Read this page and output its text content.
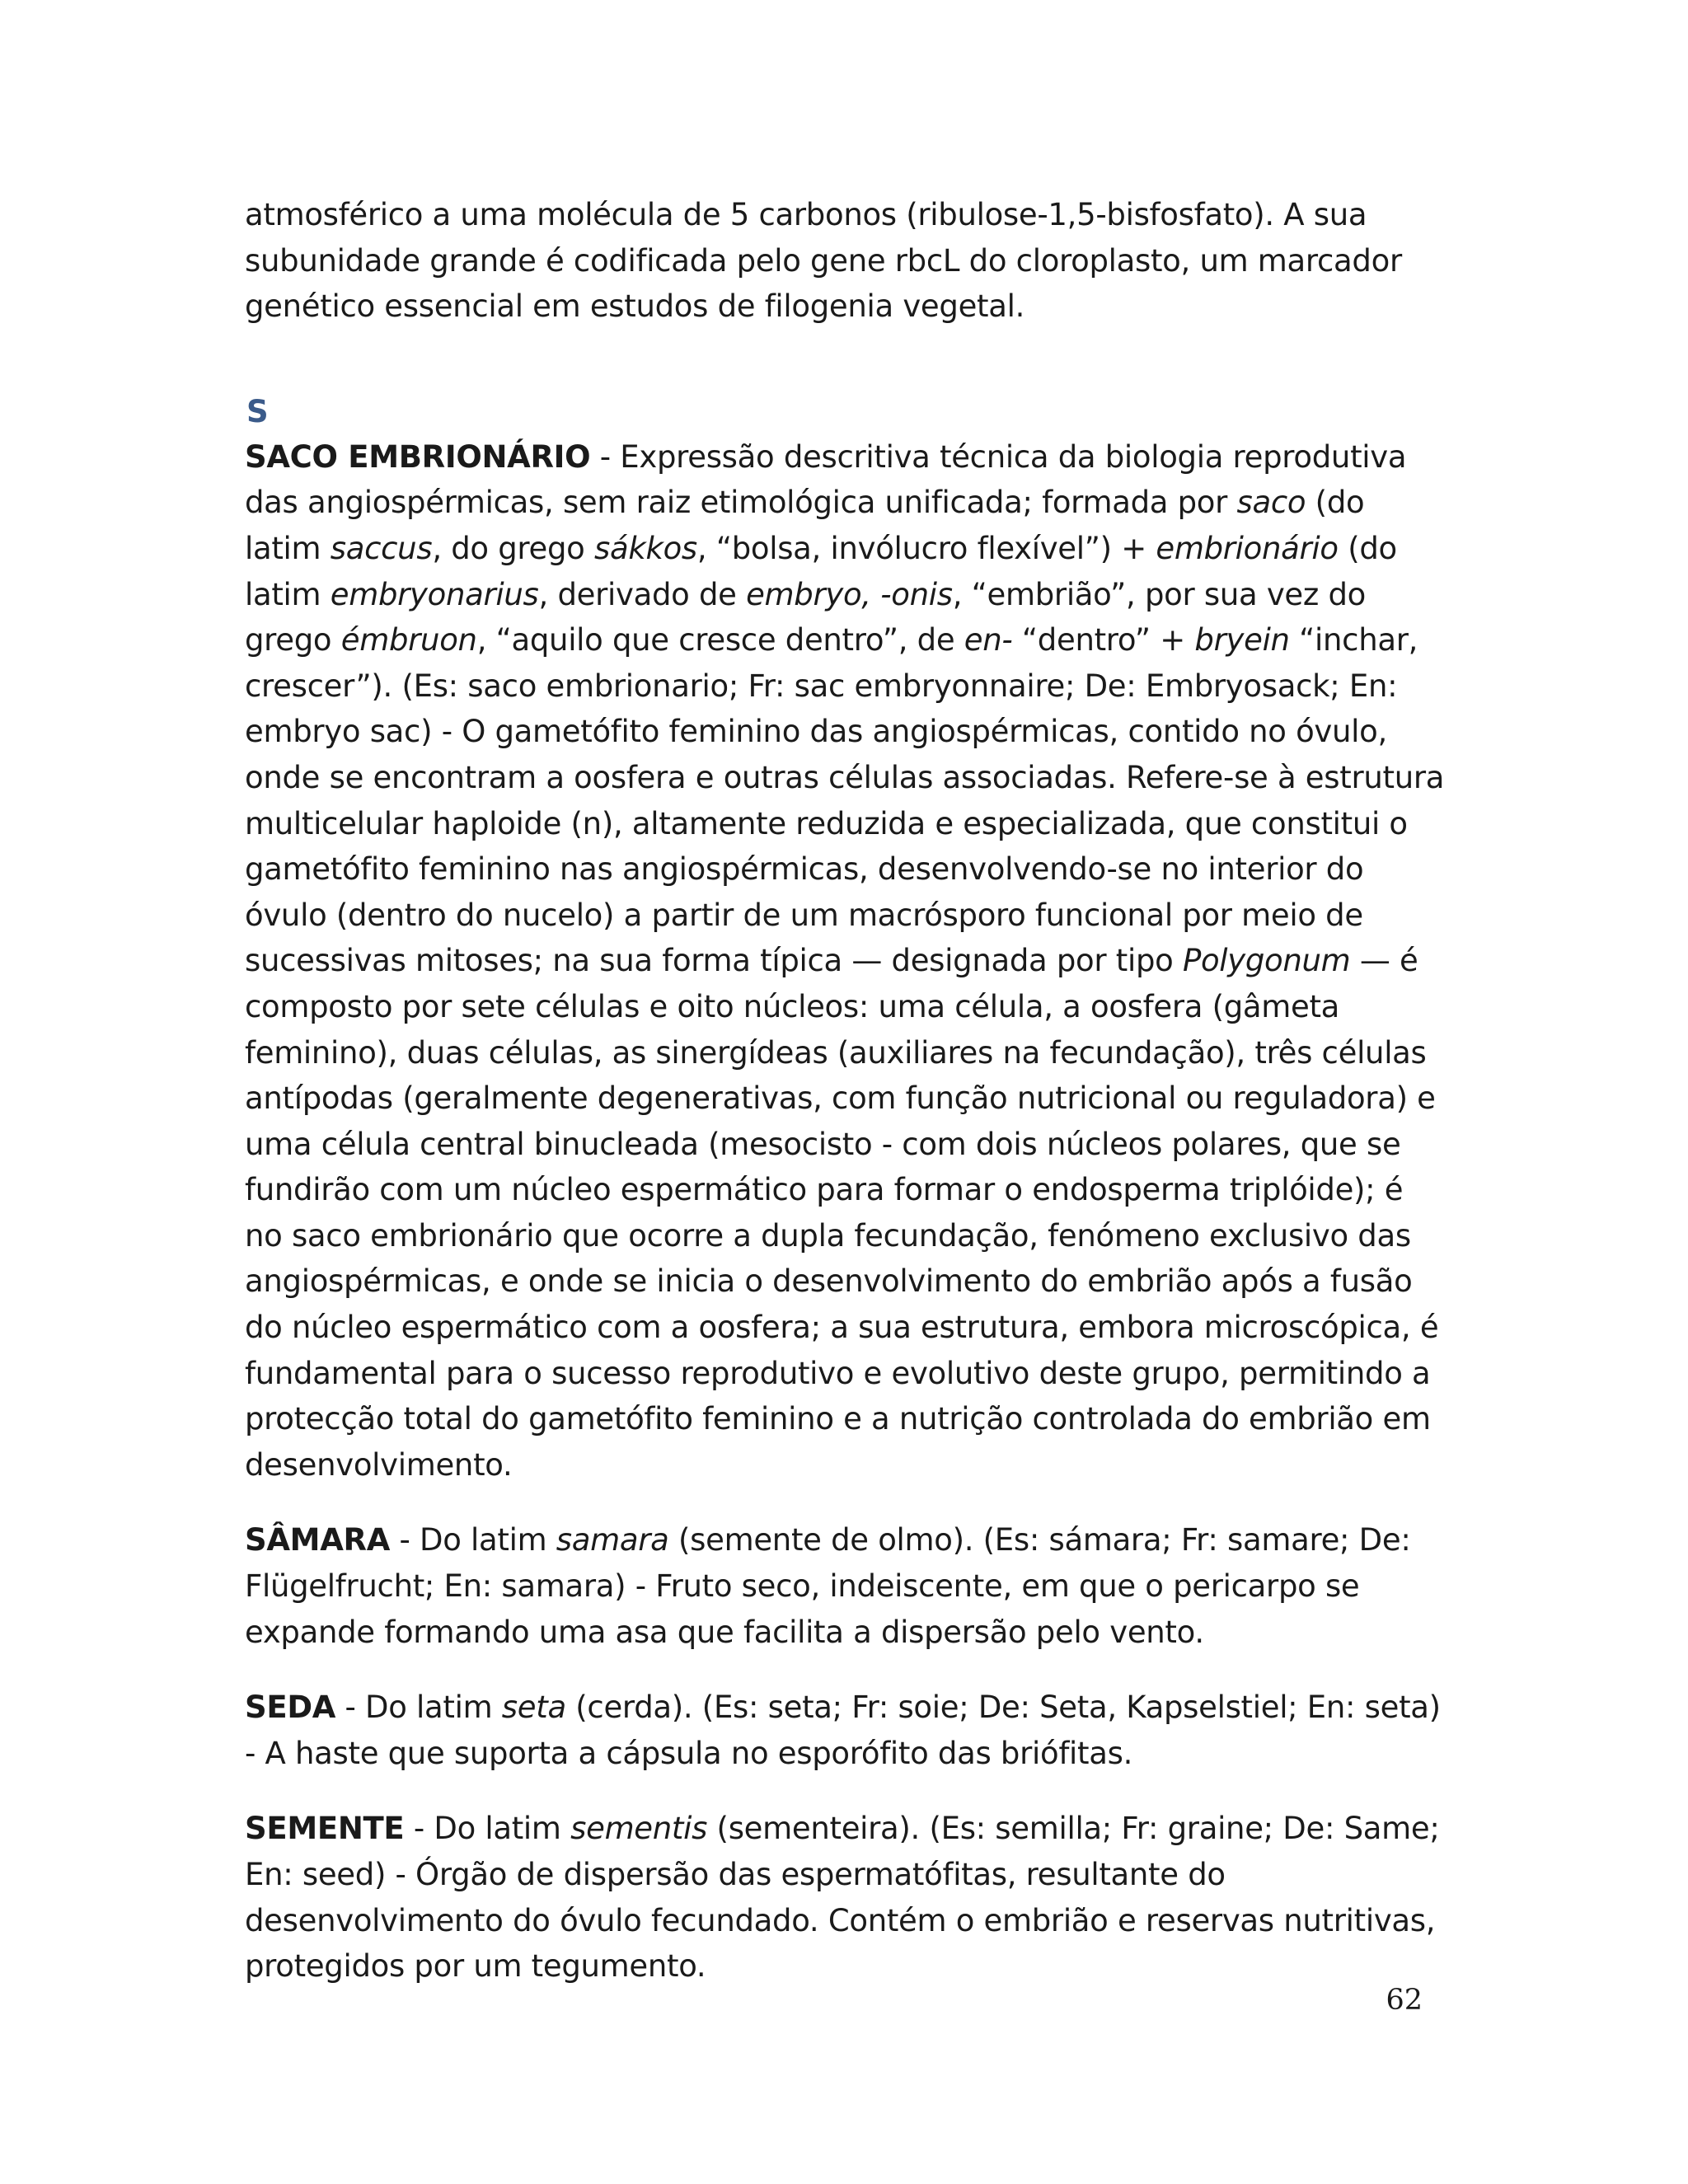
atmosférico a uma molécula de 5 carbonos (ribulose-1,5-bisfosfato). A sua subunidade grande é codificada pelo gene rbcL do cloroplasto, um marcador genético essencial em estudos de filogenia vegetal.

S

SACO EMBRIONÁRIO - Expressão descritiva técnica da biologia reprodutiva das angiospérmicas, sem raiz etimológica unificada; formada por saco (do latim saccus, do grego sákkos, “bolsa, invólucro flexível”) + embrionário (do latim embryonarius, derivado de embryo, -onis, “embrião”, por sua vez do grego émbruon, “aquilo que cresce dentro”, de en- “dentro” + bryein “inchar, crescer”). (Es: saco embrionario; Fr: sac embryonnaire; De: Embryosack; En: embryo sac) - O gametófito feminino das angiospérmicas, contido no óvulo, onde se encontram a oosfera e outras células associadas. Refere-se à estrutura multicelular haploide (n), altamente reduzida e especializada, que constitui o gametófito feminino nas angiospérmicas, desenvolvendo-se no interior do óvulo (dentro do nucelo) a partir de um macrósporo funcional por meio de sucessivas mitoses; na sua forma típica — designada por tipo Polygonum — é composto por sete células e oito núcleos: uma célula, a oosfera (gâmeta feminino), duas células, as sinergídeas (auxiliares na fecundação), três células antípodas (geralmente degenerativas, com função nutricional ou reguladora) e uma célula central binucleada (mesocisto - com dois núcleos polares, que se fundirão com um núcleo espermático para formar o endosperma triplóide); é no saco embrionário que ocorre a dupla fecundação, fenómeno exclusivo das angiospérmicas, e onde se inicia o desenvolvimento do embrião após a fusão do núcleo espermático com a oosfera; a sua estrutura, embora microscópica, é fundamental para o sucesso reprodutivo e evolutivo deste grupo, permitindo a protecção total do gametófito feminino e a nutrição controlada do embrião em desenvolvimento.

SÂMARA - Do latim samara (semente de olmo). (Es: sámara; Fr: samare; De: Flügelfrucht; En: samara) - Fruto seco, indeiscente, em que o pericarpo se expande formando uma asa que facilita a dispersão pelo vento.

SEDA - Do latim seta (cerda). (Es: seta; Fr: soie; De: Seta, Kapselstiel; En: seta) - A haste que suporta a cápsula no esporófito das briófitas.

SEMENTE - Do latim sementis (sementeira). (Es: semilla; Fr: graine; De: Same; En: seed) - Órgão de dispersão das espermatófitas, resultante do desenvolvimento do óvulo fecundado. Contém o embrião e reservas nutritivas, protegidos por um tegumento.

62
